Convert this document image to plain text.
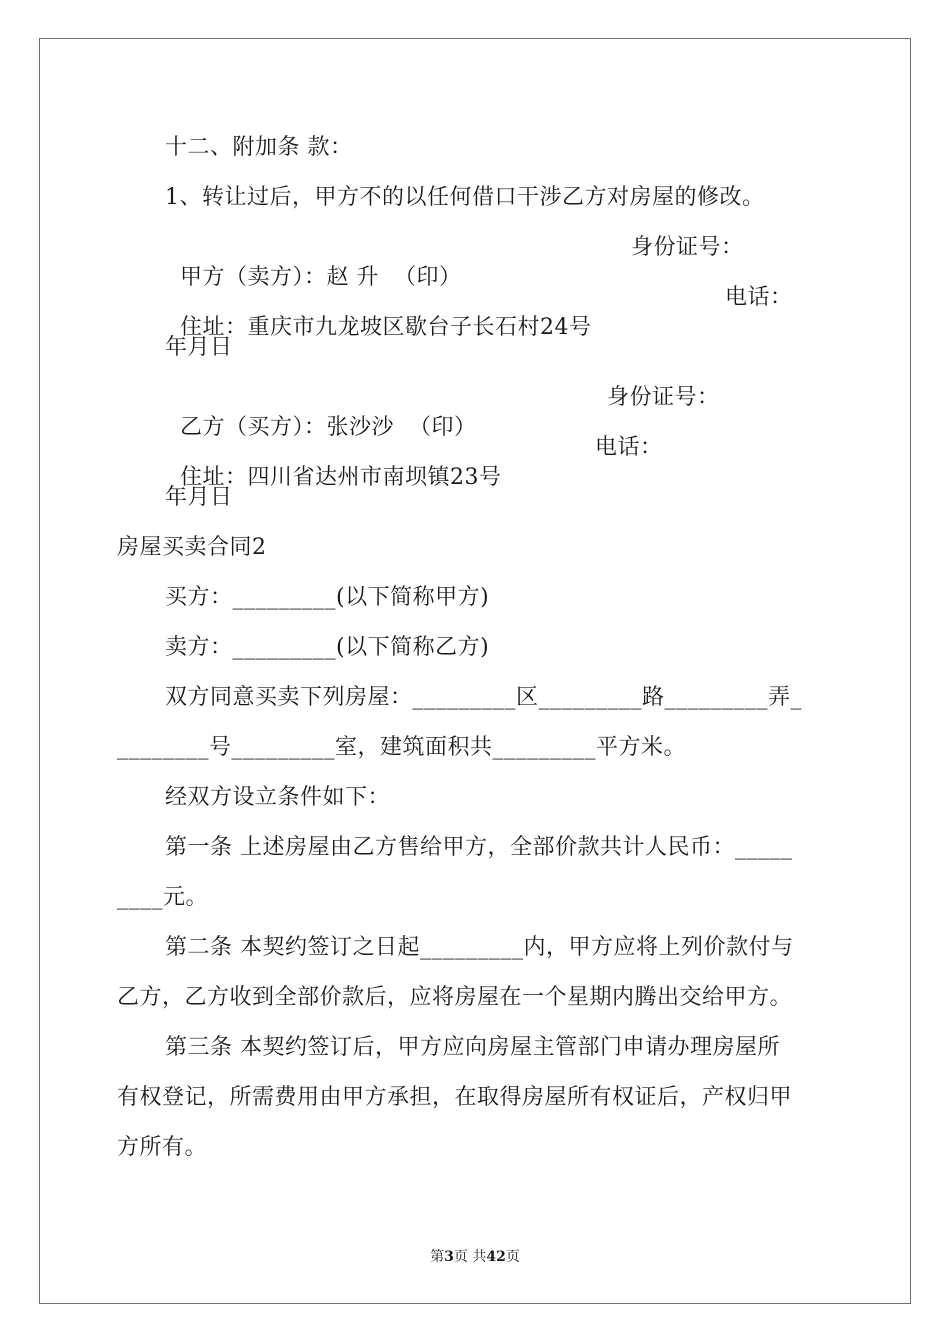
十二、附加条 款：
1、转让过后，甲方不的以任何借口干涉乙方对房屋的修改。

甲方（卖方）：赵 升  （印）

身份证号：

住址：重庆市九龙坡区歇台子长石村24号

电话：

年月日

乙方（买方）：张沙沙  （印）

身份证号：

住址：四川省达州市南坝镇23号

电话：

年月日
房屋买卖合同2
买方：_________(以下简称甲方)
卖方：_________(以下简称乙方)
双方同意买卖下列房屋：_________区_________路_________弄_
________号_________室，建筑面积共_________平方米。
经双方设立条件如下：
第一条 上述房屋由乙方售给甲方，全部价款共计人民币：_____
____元。
第二条 本契约签订之日起_________内，甲方应将上列价款付与
乙方，乙方收到全部价款后，应将房屋在一个星期内腾出交给甲方。
第三条 本契约签订后，甲方应向房屋主管部门申请办理房屋所
有权登记，所需费用由甲方承担，在取得房屋所有权证后，产权归甲
方所有。
第3页 共42页
